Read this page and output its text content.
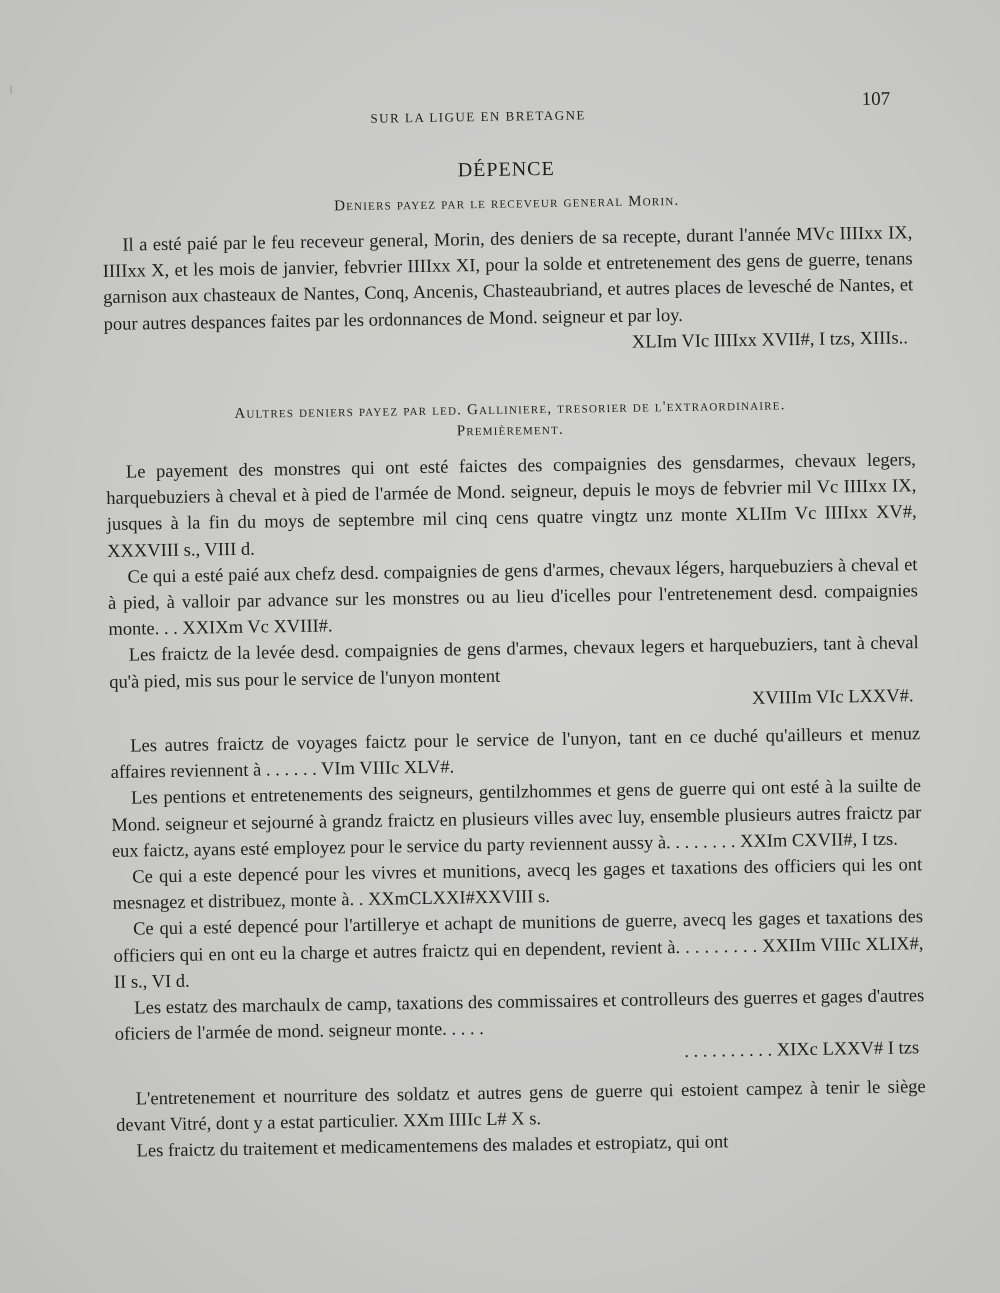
SUR LA LIGUE EN BRETAGNE
107
DÉPENCE
Deniers payez par le receveur general Morin.

Il a esté paié par le feu receveur general, Morin, des deniers de sa recepte, durant l'année MVc IIIIxx IX, IIIIxx X, et les mois de janvier, febvrier IIIIxx XI, pour la solde et entretenement des gens de guerre, tenans garnison aux chasteaux de Nantes, Conq, Ancenis, Chasteaubriand, et autres places de levesché de Nantes, et pour autres despances faites par les ordonnances de Mond. seigneur et par loy.

XLIm VIc IIIIxx XVII#, I tzs, XIIIs..

Aultres deniers payez par led. Galliniere, tresorier de l'extraordinaire.
Premièrement.

Le payement des monstres qui ont esté faictes des compaignies des gensdarmes, chevaux legers, harquebuziers à cheval et à pied de l'armée de Mond. seigneur, depuis le moys de febvrier mil Vc IIIIxx IX, jusques à la fin du moys de septembre mil cinq cens quatre vingtz unz monte XLIIm Vc IIIIxx XV#, XXXVIII s., VIII d.

Ce qui a esté paié aux chefz desd. compaignies de gens d'armes, chevaux légers, harquebuziers à cheval et à pied, à valloir par advance sur les monstres ou au lieu d'icelles pour l'entretenement desd. compaignies monte. . . XXIXm Vc XVIII#.

Les fraictz de la levée desd. compaignies de gens d'armes, chevaux legers et harquebuziers, tant à cheval qu'à pied, mis sus pour le service de l'unyon montent

XVIIIm VIc LXXV#.

Les autres fraictz de voyages faictz pour le service de l'unyon, tant en ce duché qu'ailleurs et menuz affaires reviennent à . . . . . . VIm VIIIc XLV#.

Les pentions et entretenements des seigneurs, gentilzhommes et gens de guerre qui ont esté à la suilte de Mond. seigneur et sejourné à grandz fraictz en plusieurs villes avec luy, ensemble plusieurs autres fraictz par eux faictz, ayans esté employez pour le service du party reviennent aussy à. . . . . . . . XXIm CXVII#, I tzs.

Ce qui a este depencé pour les vivres et munitions, avecq les gages et taxations des officiers qui les ont mesnagez et distribuez, monte à. . XXmCLXXI#XXVIII s.

Ce qui a esté depencé pour l'artillerye et achapt de munitions de guerre, avecq les gages et taxations des officiers qui en ont eu la charge et autres fraictz qui en dependent, revient à. . . . . . . . . XXIIm VIIIc XLIX#, II s., VI d.

Les estatz des marchaulx de camp, taxations des commissaires et controlleurs des guerres et gages d'autres oficiers de l'armée de mond. seigneur monte. . . . .

. . . . . . . . . . XIXc LXXV# I tzs

L'entretenement et nourriture des soldatz et autres gens de guerre qui estoient campez à tenir le siège devant Vitré, dont y a estat particulier. XXm IIIIc L# X s.

Les fraictz du traitement et medicamentemens des malades et estropiatz, qui ont
